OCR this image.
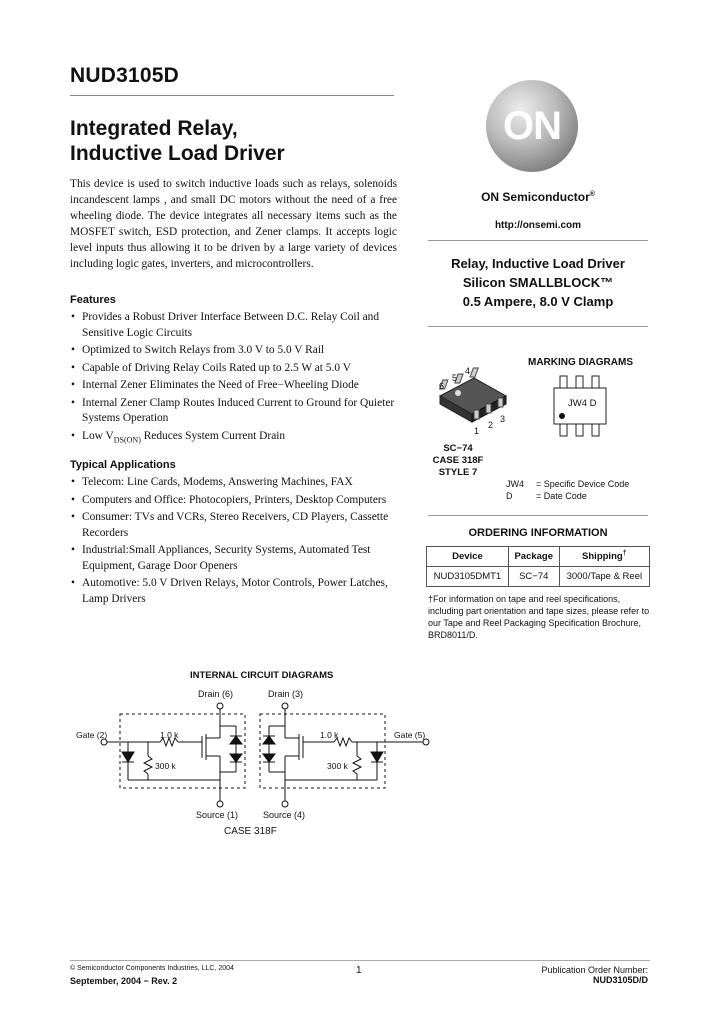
NUD3105D
Integrated Relay,
Inductive Load Driver
This device is used to switch inductive loads such as relays, solenoids incandescent lamps , and small DC motors without the need of a free wheeling diode. The device integrates all necessary items such as the MOSFET switch, ESD protection, and Zener clamps. It accepts logic level inputs thus allowing it to be driven by a large variety of devices including logic gates, inverters, and microcontrollers.
Features
• Provides a Robust Driver Interface Between D.C. Relay Coil and Sensitive Logic Circuits
• Optimized to Switch Relays from 3.0 V to 5.0 V Rail
• Capable of Driving Relay Coils Rated up to 2.5 W at 5.0 V
• Internal Zener Eliminates the Need of Free−Wheeling Diode
• Internal Zener Clamp Routes Induced Current to Ground for Quieter Systems Operation
• Low $V_{DS(ON)}$ Reduces System Current Drain
Typical Applications
• Telecom: Line Cards, Modems, Answering Machines, FAX
• Computers and Office: Photocopiers, Printers, Desktop Computers
• Consumer: TVs and VCRs, Stereo Receivers, CD Players, Cassette Recorders
• Industrial:Small Appliances, Security Systems, Automated Test Equipment, Garage Door Openers
• Automotive: 5.0 V Driven Relays, Motor Controls, Power Latches, Lamp Drivers
ON
ON Semiconductor®
http://onsemi.com
Relay, Inductive Load Driver
Silicon SMALLBLOCK™
0.5 Ampere, 8.0 V Clamp
MARKING DIAGRAMS
6
5
4
1
2
3
SC−74
CASE 318F
STYLE 7
JW4 D
JW4 = Specific Device Code
D	= Date Code
ORDERING INFORMATION
Device	Package	Shipping†
NUD3105DMT1	SC−74	3000/Tape & Reel
†For information on tape and reel specifications, including part orientation and tape sizes, please refer to our Tape and Reel Packaging Specification Brochure, BRD8011/D.
INTERNAL CIRCUIT DIAGRAMS
Drain (6)	Drain (3)
Gate (2)	Gate (5)
1.0 k
300 k
1.0 k
300 k
Source (1)	Source (4)
CASE 318F
© Semiconductor Components Industries, LLC, 2004
September, 2004 − Rev. 2
1	Publication Order Number:
NUD3105D/D
